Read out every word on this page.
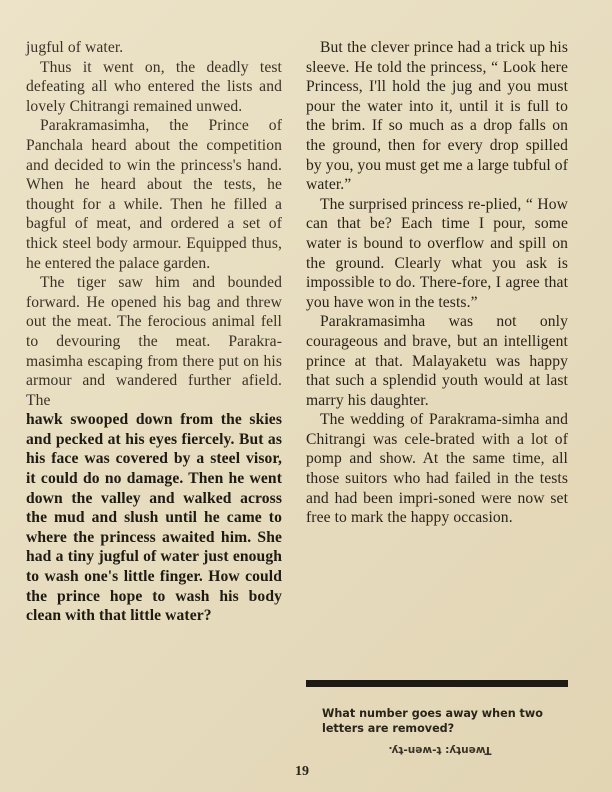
jugful of water.

Thus it went on, the deadly test defeating all who entered the lists and lovely Chitrangi remained unwed.

Parakramasimha, the Prince of Panchala heard about the competition and decided to win the princess's hand. When he heard about the tests, he thought for a while. Then he filled a bagful of meat, and ordered a set of thick steel body armour. Equipped thus, he entered the palace garden.

The tiger saw him and bounded forward. He opened his bag and threw out the meat. The ferocious animal fell to devouring the meat. Parakra-masimha escaping from there put on his armour and wandered further afield. The

hawk swooped down from the skies and pecked at his eyes fiercely. But as his face was covered by a steel visor, it could do no damage. Then he went down the valley and walked across the mud and slush until he came to where the princess awaited him. She had a tiny jugful of water just enough to wash one's little finger. How could the prince hope to wash his body clean with that little water?

But the clever prince had a trick up his sleeve. He told the princess, “ Look here Princess, I'll hold the jug and you must pour the water into it, until it is full to the brim. If so much as a drop falls on the ground, then for every drop spilled by you, you must get me a large tubful of water.”

The surprised princess re-plied, “ How can that be? Each time I pour, some water is bound to overflow and spill on the ground. Clearly what you ask is impossible to do. There-fore, I agree that you have won in the tests.”

Parakramasimha was not only courageous and brave, but an intelligent prince at that. Malayaketu was happy that such a splendid youth would at last marry his daughter.

The wedding of Parakrama-simha and Chitrangi was cele-brated with a lot of pomp and show. At the same time, all those suitors who had failed in the tests and had been impri-soned were now set free to mark the happy occasion.

What number goes away when two letters are removed?
Twenty: t-wen-ty.
19
